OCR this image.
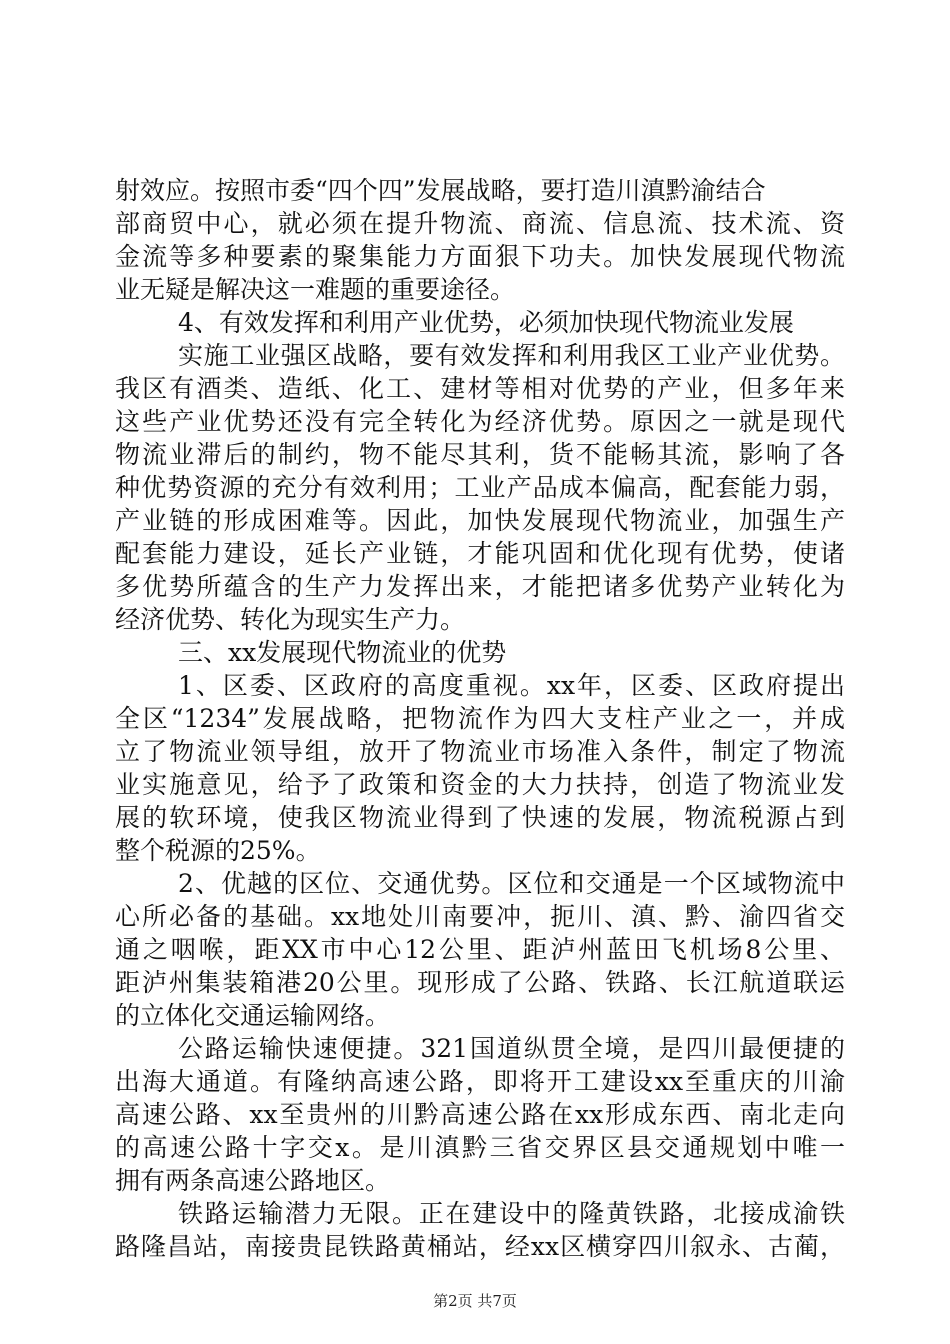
射效应。按照市委“四个四”发展战略，要打造川滇黔渝结合
部商贸中心，就必须在提升物流、商流、信息流、技术流、资
金流等多种要素的聚集能力方面狠下功夫。加快发展现代物流
业无疑是解决这一难题的重要途径。
4、有效发挥和利用产业优势，必须加快现代物流业发展
实施工业强区战略，要有效发挥和利用我区工业产业优势。
我区有酒类、造纸、化工、建材等相对优势的产业，但多年来
这些产业优势还没有完全转化为经济优势。原因之一就是现代
物流业滞后的制约，物不能尽其利，货不能畅其流，影响了各
种优势资源的充分有效利用；工业产品成本偏高，配套能力弱，
产业链的形成困难等。因此，加快发展现代物流业，加强生产
配套能力建设，延长产业链，才能巩固和优化现有优势，使诸
多优势所蕴含的生产力发挥出来，才能把诸多优势产业转化为
经济优势、转化为现实生产力。
三、xx发展现代物流业的优势
1、区委、区政府的高度重视。xx年，区委、区政府提出
全区“1234”发展战略，把物流作为四大支柱产业之一，并成
立了物流业领导组，放开了物流业市场准入条件，制定了物流
业实施意见，给予了政策和资金的大力扶持，创造了物流业发
展的软环境，使我区物流业得到了快速的发展，物流税源占到
整个税源的25%。
2、优越的区位、交通优势。区位和交通是一个区域物流中
心所必备的基础。xx地处川南要冲，扼川、滇、黔、渝四省交
通之咽喉，距XX市中心12公里、距泸州蓝田飞机场8公里、
距泸州集装箱港20公里。现形成了公路、铁路、长江航道联运
的立体化交通运输网络。
公路运输快速便捷。321国道纵贯全境，是四川最便捷的
出海大通道。有隆纳高速公路，即将开工建设xx至重庆的川渝
高速公路、xx至贵州的川黔高速公路在xx形成东西、南北走向
的高速公路十字交x。是川滇黔三省交界区县交通规划中唯一
拥有两条高速公路地区。
铁路运输潜力无限。正在建设中的隆黄铁路，北接成渝铁
路隆昌站，南接贵昆铁路黄桶站，经xx区横穿四川叙永、古蔺，
第2页 共7页
